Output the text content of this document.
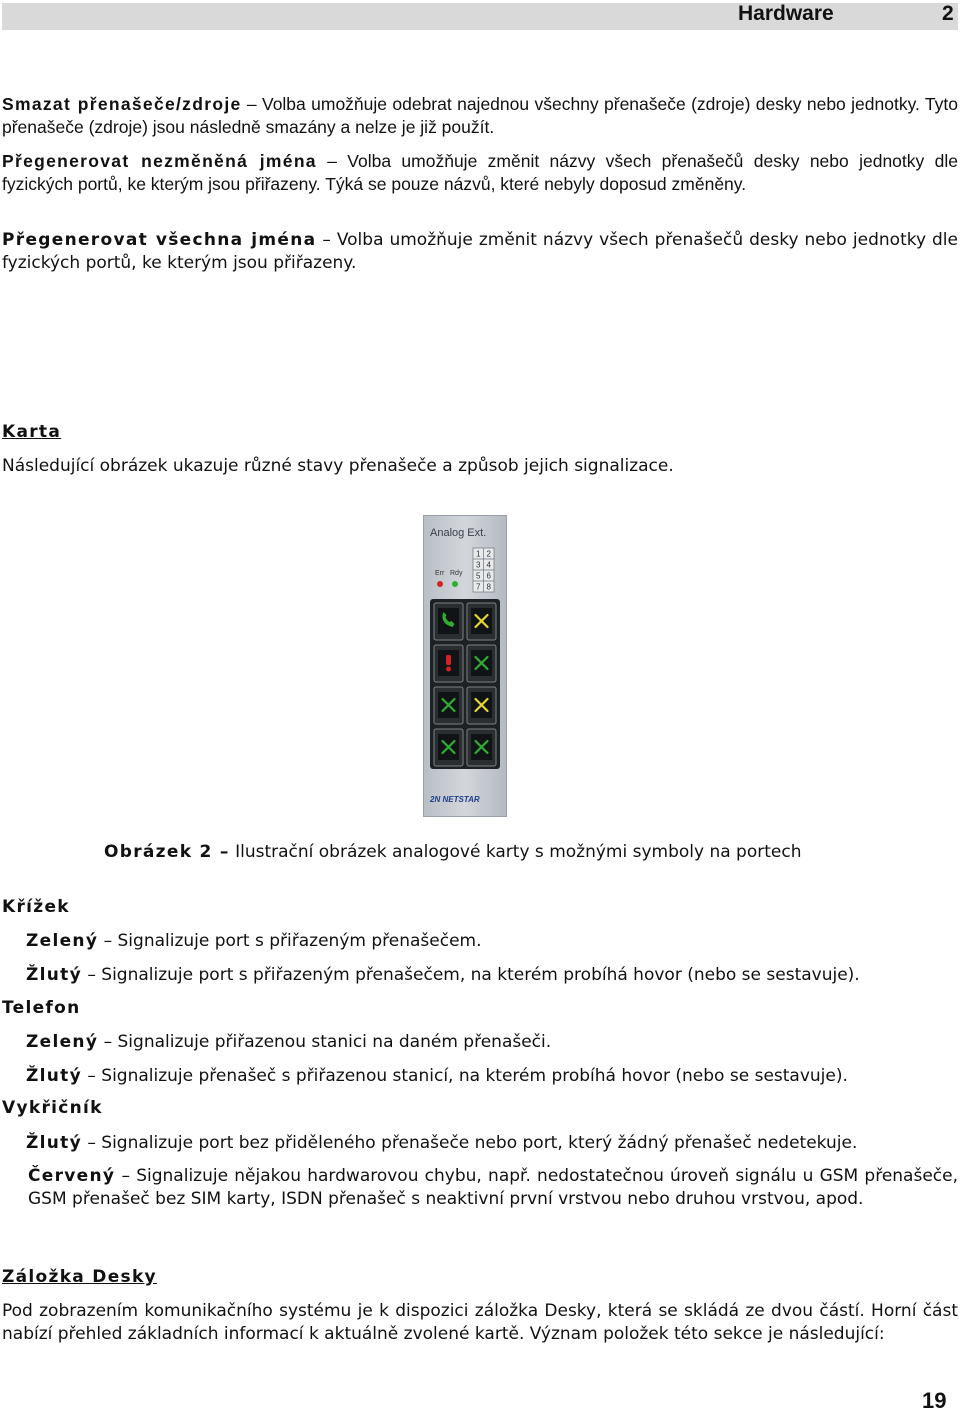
Hardware	2

Smazat přenašeče/zdroje – Volba umožňuje odebrat najednou všechny přenašeče (zdroje) desky nebo jednotky. Tyto přenašeče (zdroje) jsou následně smazány a nelze je již použít.

Přegenerovat nezměněná jména – Volba umožňuje změnit názvy všech přenašečů desky nebo jednotky dle fyzických portů, ke kterým jsou přiřazeny. Týká se pouze názvů, které nebyly doposud změněny.

Přegenerovat všechna jména – Volba umožňuje změnit názvy všech přenašečů desky nebo jednotky dle fyzických portů, ke kterým jsou přiřazeny.

Karta

Následující obrázek ukazuje různé stavy přenašeče a způsob jejich signalizace.

Analog Ext.
1 2
3 4
5 6
7 8
Err Rdy
2N NETSTAR

Obrázek 2 – Ilustrační obrázek analogové karty s možnými symboly na portech

Křížek

Zelený – Signalizuje port s přiřazeným přenašečem.

Žlutý – Signalizuje port s přiřazeným přenašečem, na kterém probíhá hovor (nebo se sestavuje).

Telefon

Zelený – Signalizuje přiřazenou stanici na daném přenašeči.

Žlutý – Signalizuje přenašeč s přiřazenou stanicí, na kterém probíhá hovor (nebo se sestavuje).

Vykřičník

Žlutý – Signalizuje port bez přiděleného přenašeče nebo port, který žádný přenašeč nedetekuje.

Červený – Signalizuje nějakou hardwarovou chybu, např. nedostatečnou úroveň signálu u GSM přenašeče, GSM přenašeč bez SIM karty, ISDN přenašeč s neaktivní první vrstvou nebo druhou vrstvou, apod.

Záložka Desky

Pod zobrazením komunikačního systému je k dispozici záložka Desky, která se skládá ze dvou částí. Horní část nabízí přehled základních informací k aktuálně zvolené kartě. Význam položek této sekce je následující:

19
